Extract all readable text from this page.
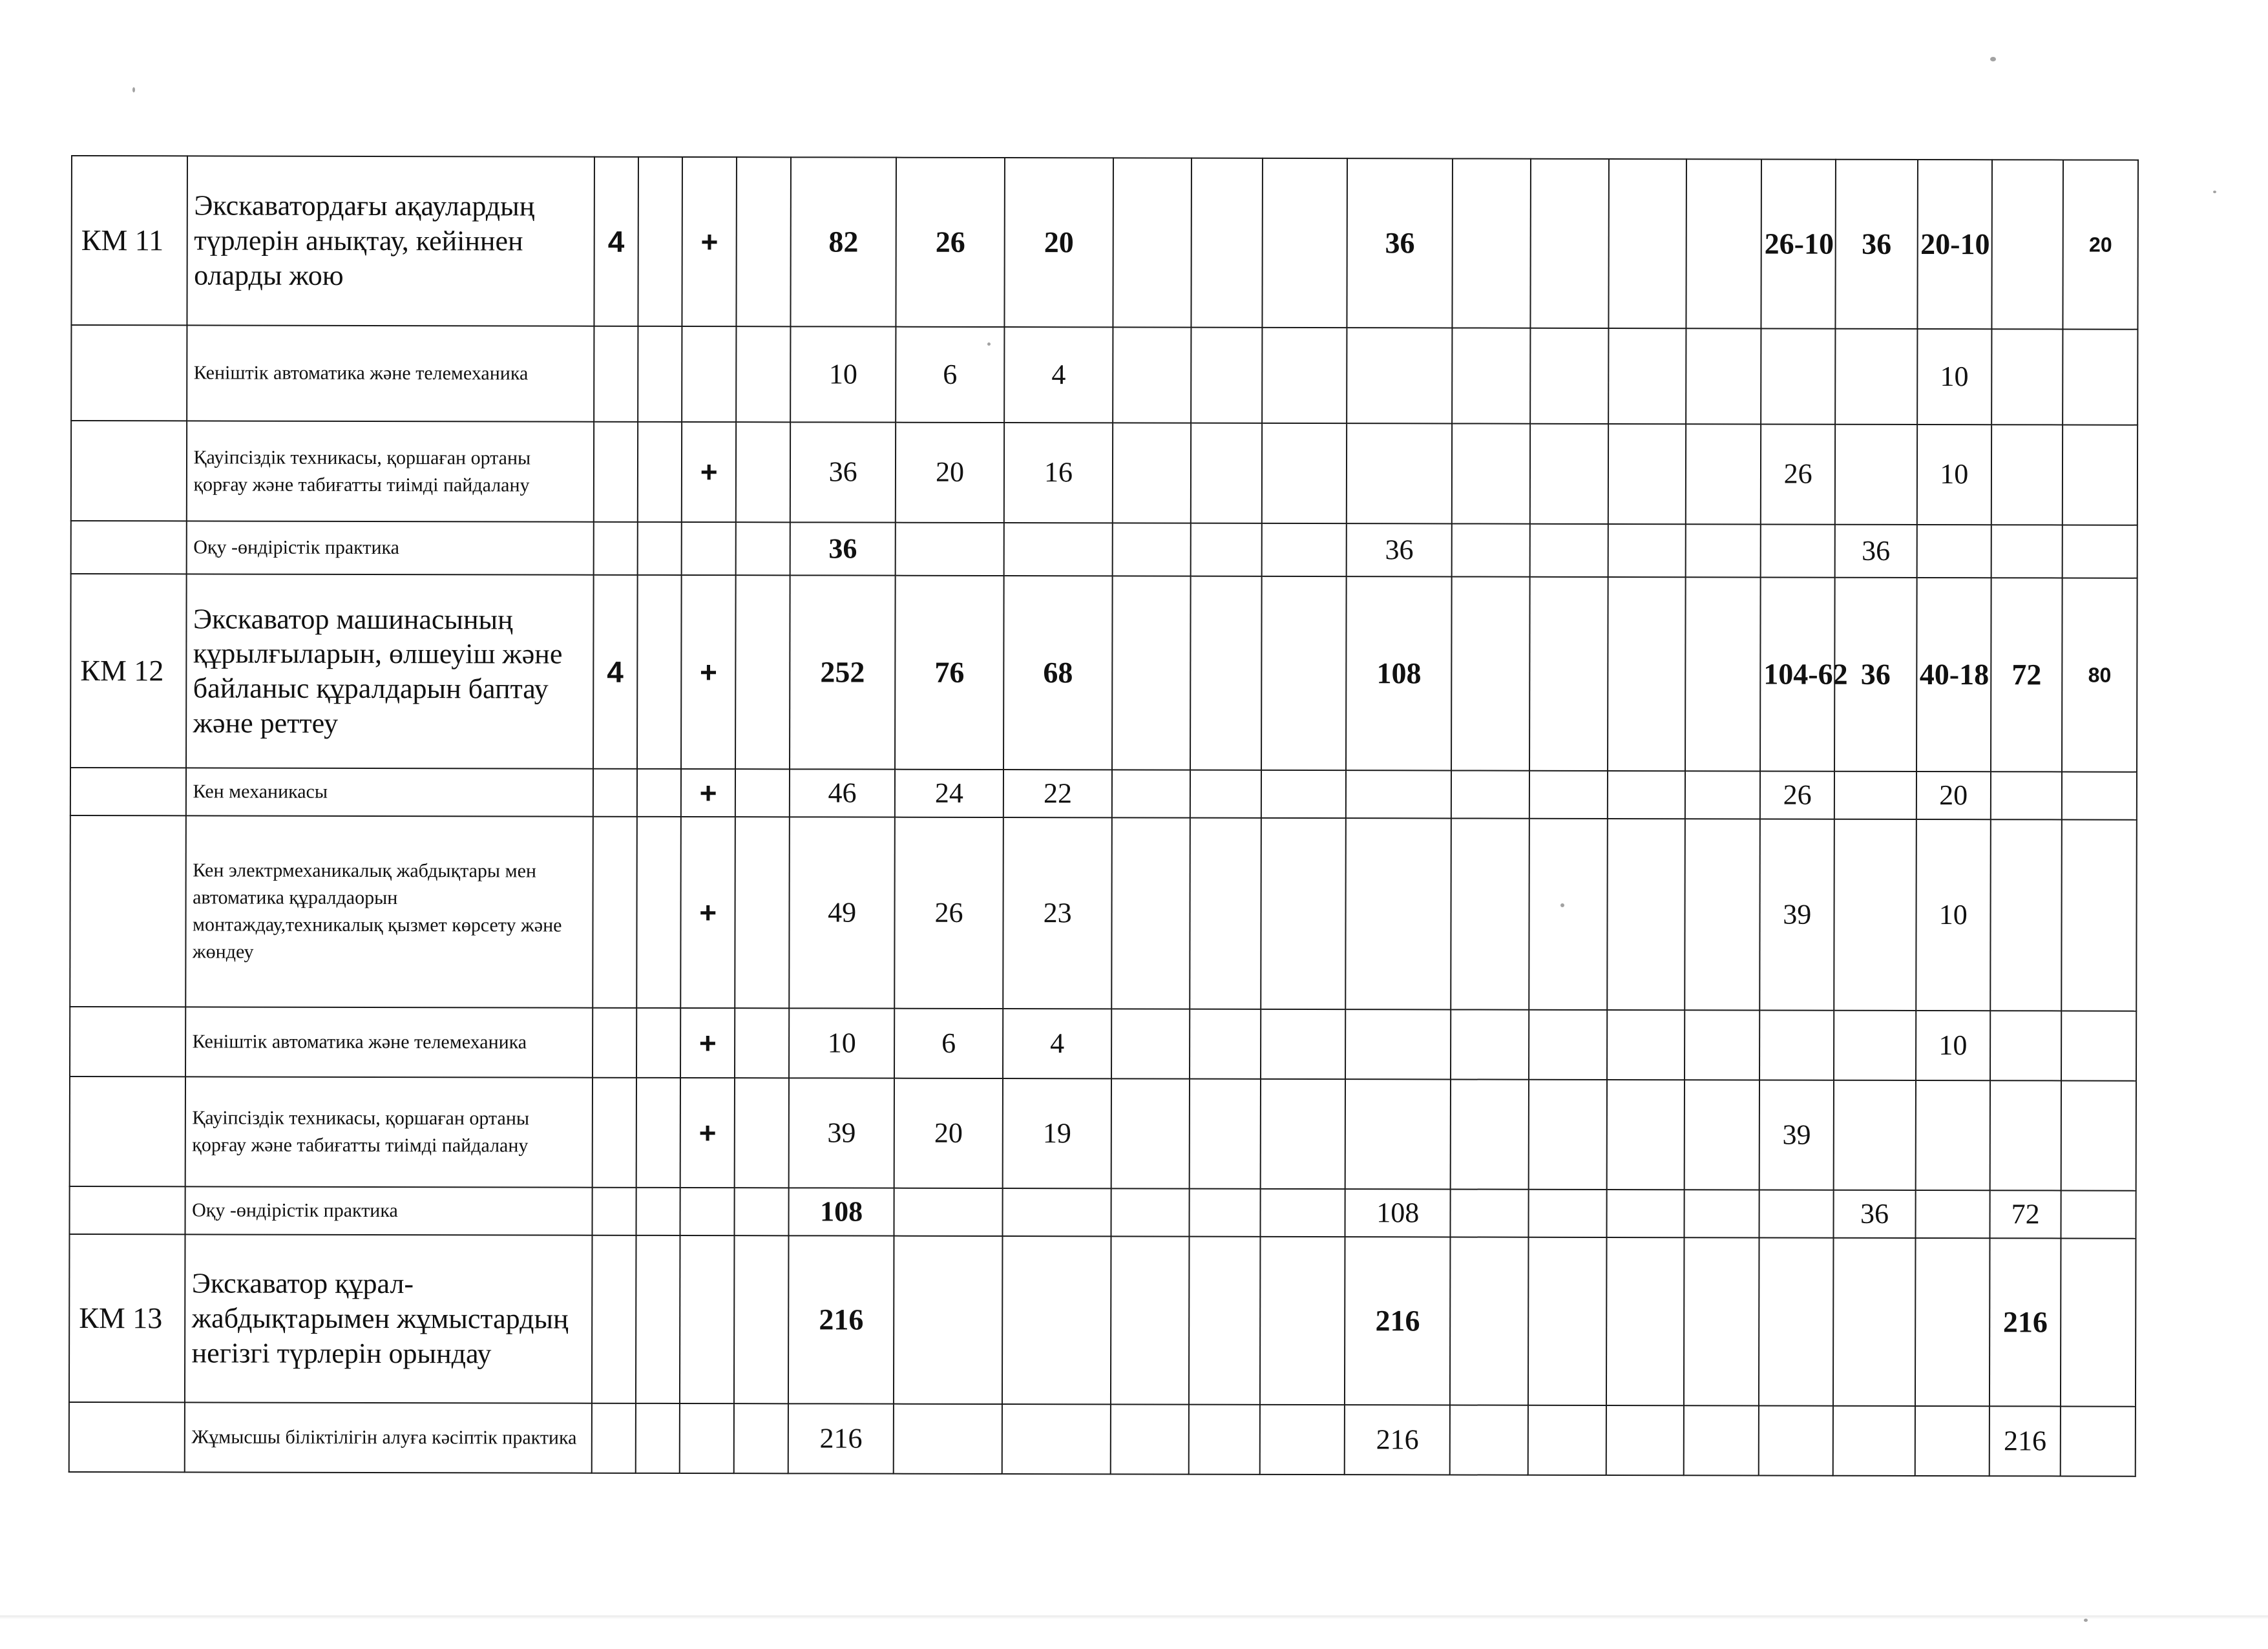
КМ 11	Экскаватордағы ақаулардың түрлерін анықтау, кейіннен оларды жою	4		+		82	26	20				36					26-10	36	20-10		20
	Кеніштік автоматика және телемеханика					10	6	4											10		
	Қауіпсіздік техникасы, қоршаған ортаны қорғау және табиғатты тиімді пайдалану			+		36	20	16									26		10		
	Оқу -өндірістік практика					36						36						36			
КМ 12	Экскаватор машинасының құрылғыларын, өлшеуіш және байланыс құралдарын баптау және реттеу	4		+		252	76	68				108					104-62	36	40-18	72	80
	Кен механикасы			+		46	24	22									26		20		
	Кен электрмеханикалық жабдықтары мен автоматика құралдаорын монтаждау,техникалық қызмет көрсету және жөндеу			+		49	26	23									39		10		
	Кеніштік автоматика және телемеханика			+		10	6	4											10		
	Қауіпсіздік техникасы, қоршаған ортаны қорғау және табиғатты тиімді пайдалану			+		39	20	19									39				
	Оқу -өндірістік практика					108						108						36		72	
КМ 13	Экскаватор құрал-жабдықтарымен жұмыстардың негізгі түрлерін орындау					216						216								216	
	Жұмысшы біліктілігін алуға кәсіптік практика					216						216								216	
